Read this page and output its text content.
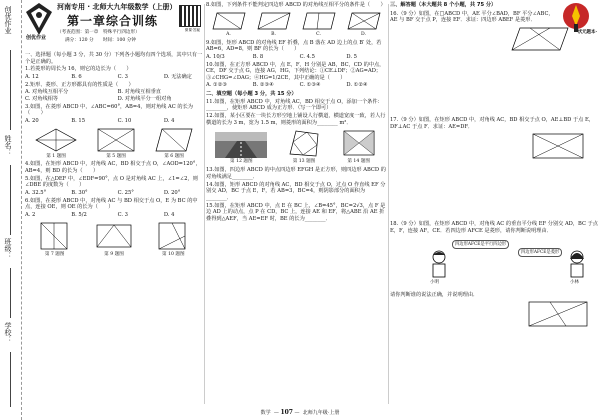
创优作业
姓名：
班级：
学校：
创优作业
河南专用 · 北师大九年级数学（上册）
第一章综合训练
（考查范围：第一章　特殊平行四边形）
满分：120 分　　时间：100 分钟
微课·答疑

一、选择题（每小题 3 分，共 30 分）下列各小题均有四个选项，其中只有一个是正确的。

1.若菱形的周长为 16，则它的边长为（　　）

A. 12	B. 6	C. 3	D. 无法确定

2.矩形、菱形、正方形都具有的性质是（　　）

A. 对角线互相平分	B. 对角线互相垂直
C. 对角线相等	D. 对角线平分一组对角

3.如图，在菱形 ABCD 中，∠ABC=60°，AB=4，则对角线 AC 的长为（　　）

A. 20	B. 15	C. 10	D. 4
第 1 题图	第 5 题图	第 6 题图

4.如图，在矩形 ABCD 中，对角线 AC，BD 相交于点 O，∠AOD=120°，AB=4，则 BD 的长为（　　）

5.如图，在△DEF 中，∠EDF=90°，点 O 是对角线 AC 上，∠1=∠2，则∠DBE 的度数为（　　）

A. 32.5°	B. 30°	C. 25°	D. 20°

6.如图，在菱形 ABCD 中，对角线 AC 与 BD 相交于点 O，E 为 BC 的中点，连接 OE，则 OE 的长为（　　）

A. 2	B. 5/2	C. 3	D. 4
第 7 题图	第 9 题图	第 10 题图

8.如图，下列条件不能判定四边形 ABCD 的对角线互相平分的条件是（　　）

A.	B.	C.	D.

9.如图，矩形 ABCD 的对角线 EF 折叠，点 B 落在 AD 边上的点 B′ 处，若 AB=6，AD=8，则 BF 的长为（　　）

A. 10/3	B. 8	C. 4.5	D. 5

10.如图，在正方形 ABCD 中，点 E，F，H 分别是 AB，BC，CD 的中点，CE，DF 交于点 G，连接 AG，HG，下列结论：①CE⊥DF；②AG=AD；③∠CHG=∠DAG；④HG=1/2CE，其中正确的是（　　）

A. ①②③	B. ②③④	C. ①③④	D. ①②④

二、填空题（每小题 3 分，共 15 分）

11.如图，在矩形 ABCD 中，对角线 AC，BD 相交于点 O，添加一个条件：________，使矩形 ABCD 成为正方形．（写一个即可）

12.如图，某小区要在一块长方形空地上铺设人行横道，横道宽度一致，若人行横道的长为 3 m，宽为 1.5 m，则菱形的面积为________ m²．

第 12 题图	第 13 题图	第 14 题图

13.如图，四边形 ABCD 的中点四边形 EFGH 是正方形，则四边形 ABCD 的对角线满足________．

14.如图，矩形 ABCD 的对角线 AC，BD 相交于点 O，过点 O 作直线 EF 分别交 AD，BC 于点 E，F，若 AB=3，BC=4，则阴影部分的面积为________．

15.如图，在矩形 ABCD 中，点 E 在 BC 上，∠B=45°，BC=2√3，点 F 是边 AD 上的动点，点 P 在 CD，BC 上，连接 AE 和 EF，将△ABE 沿 AE 折叠得到△AEF，当 AE=EF 时，BE 的长为________．

三、解答题（本大题共 8 个小题，共 75 分）

16.（9 分）如图，在□ABCD 中，AE 平分∠BAD，BF 平分∠ABC，AE 与 BF 交于点 P，连接 EF．求证：四边形 ABEF 是菱形．

17.（9 分）如图，在矩形 ABCD 中，对角线 AC，BD 相交于点 O，AE⊥BD 于点 E，DF⊥AC 于点 F．求证：AE=DF．

18.（9 分）如图，在矩形 ABCD 中，对角线 AC 的垂直平分线 EF 分别交 AD，BC 于点 E，F，连接 AF，CE．若四边形 AFCE 是菱形，请你判断说明理由．

四边形AFCE是平行四边形
四边形AFCE是菱形
小明	小林

请你判断谁的说法正确，并说明理由．

状元题本·
数学  — 107 —  北师九年级·上册
